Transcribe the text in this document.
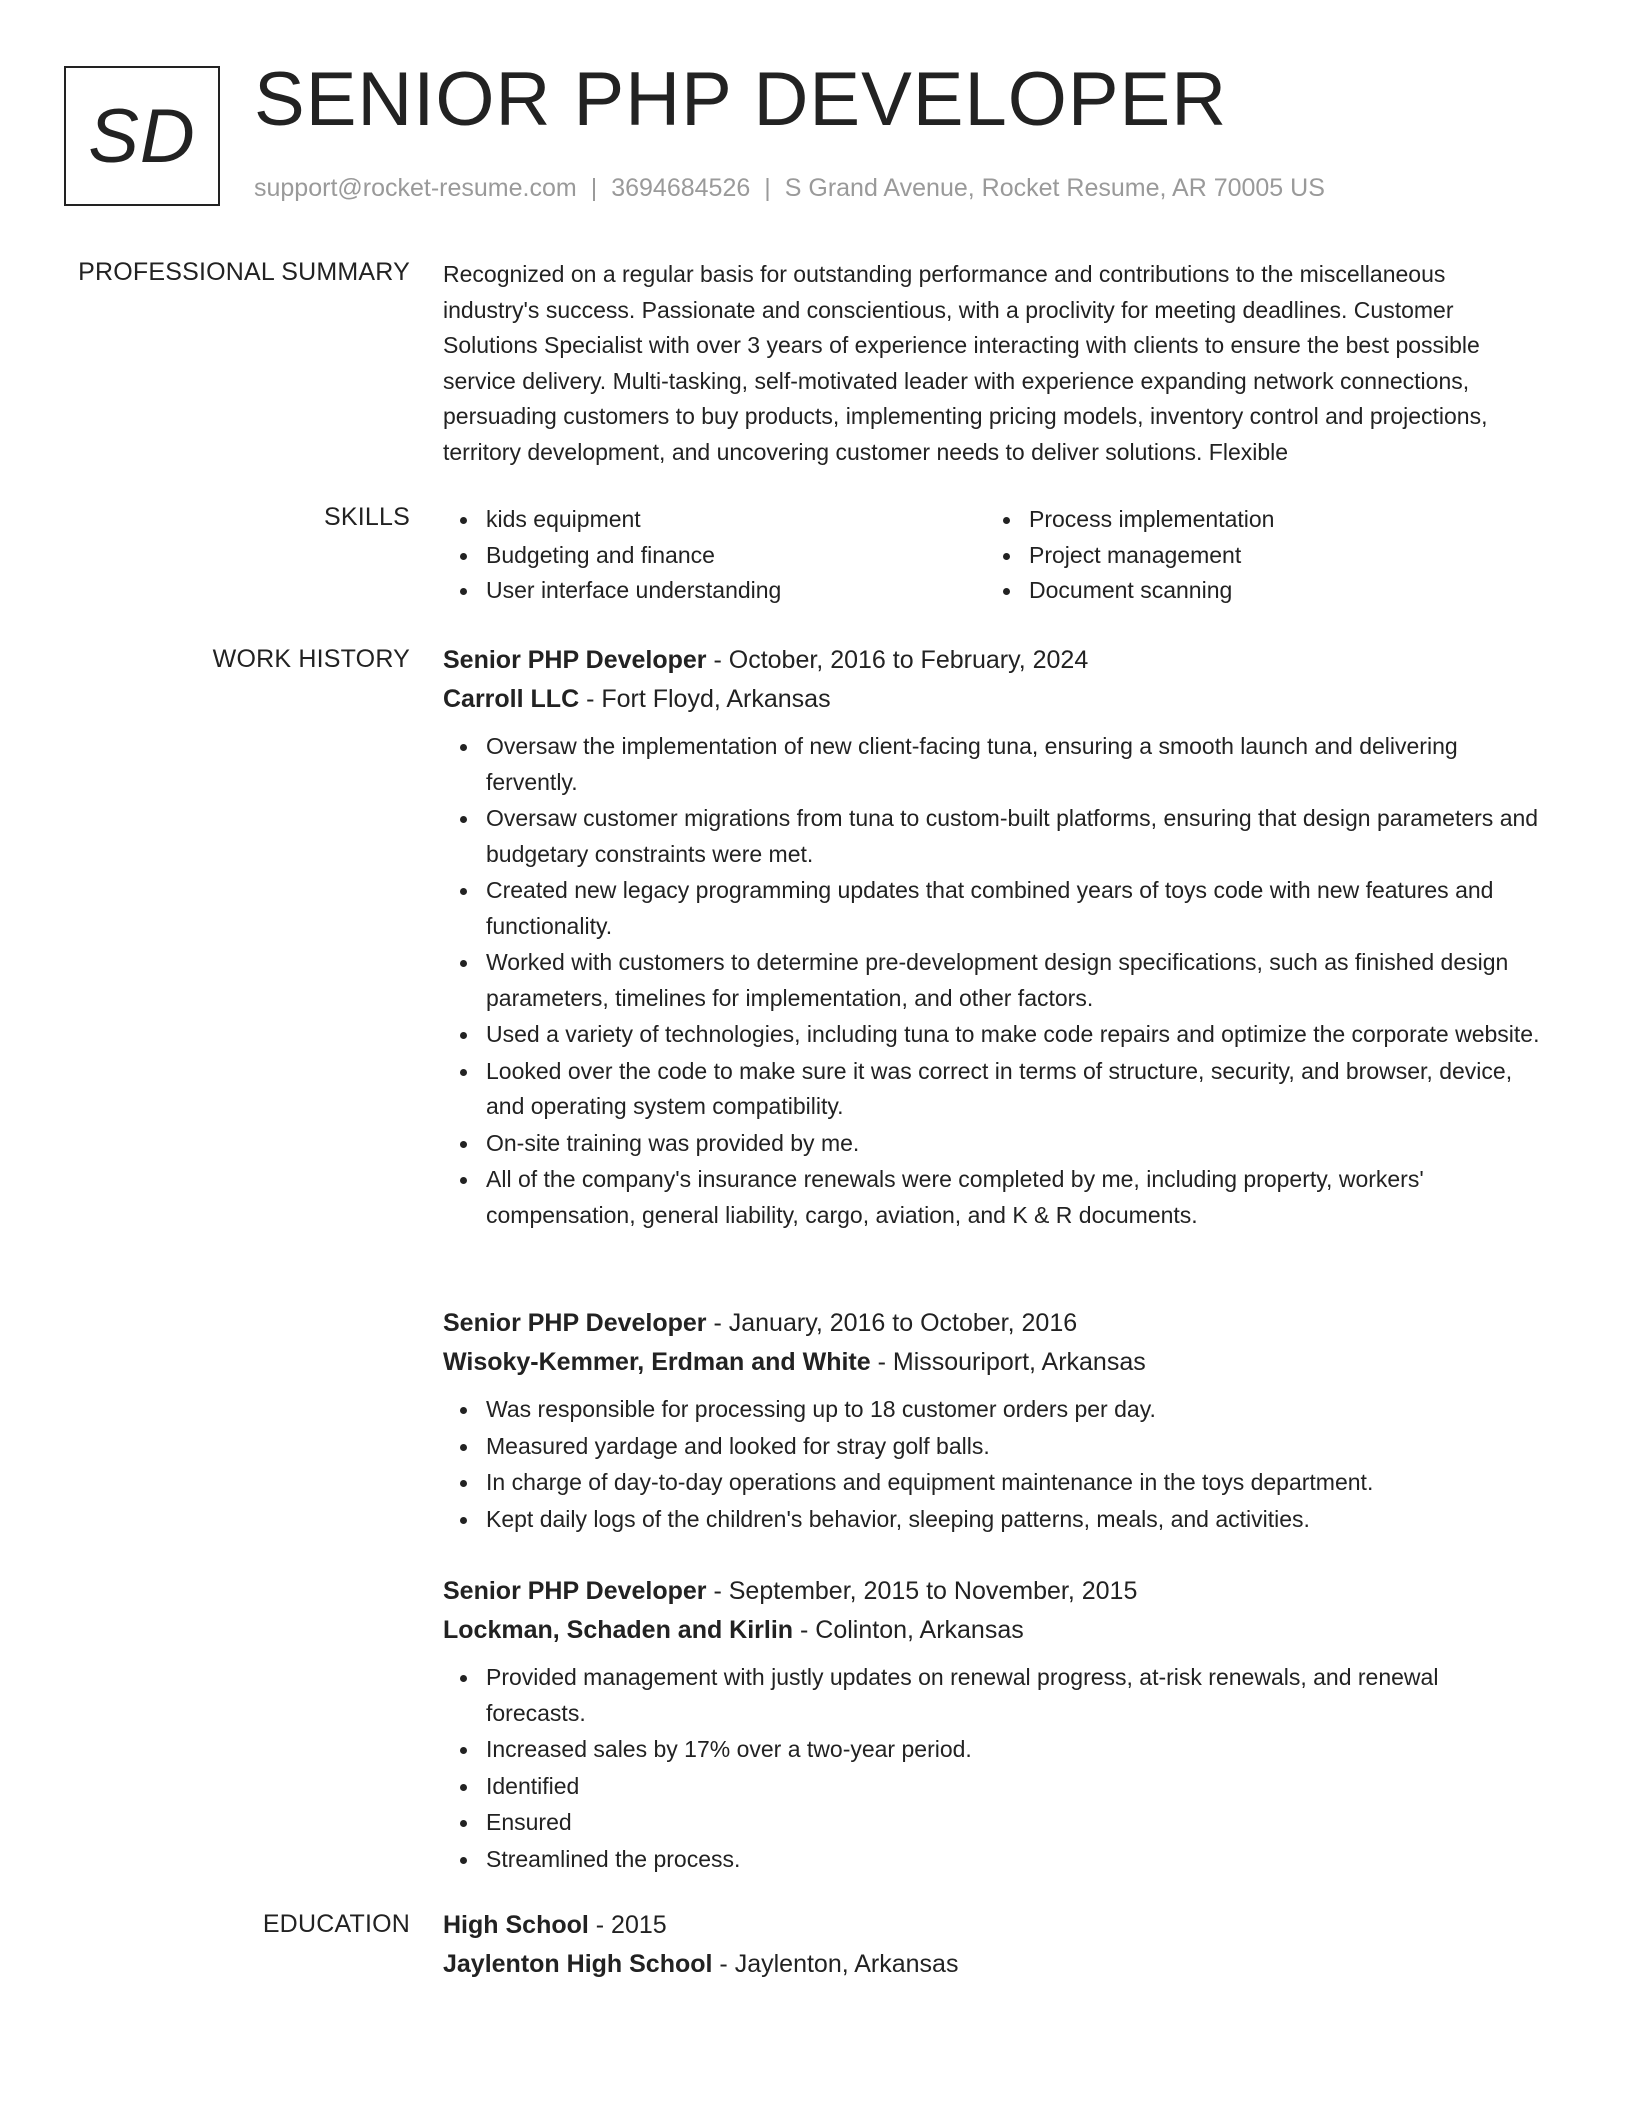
SD SENIOR PHP DEVELOPER
support@rocket-resume.com | 3694684526 | S Grand Avenue, Rocket Resume, AR 70005 US
PROFESSIONAL SUMMARY Recognized on a regular basis for outstanding performance and contributions to the miscellaneous industry's success. Passionate and conscientious, with a proclivity for meeting deadlines. Customer Solutions Specialist with over 3 years of experience interacting with clients to ensure the best possible service delivery. Multi-tasking, self-motivated leader with experience expanding network connections, persuading customers to buy products, implementing pricing models, inventory control and projections, territory development, and uncovering customer needs to deliver solutions. Flexible

SKILLS	kids equipment
Budgeting and finance
User interface understanding
Process implementation
Project management
Document scanning
WORK HISTORY Senior PHP Developer - October, 2016 to February, 2024
Carroll LLC - Fort Floyd, Arkansas
Oversaw the implementation of new client-facing tuna, ensuring a smooth launch and delivering fervently.
Oversaw customer migrations from tuna to custom-built platforms, ensuring that design parameters and budgetary constraints were met.
Created new legacy programming updates that combined years of toys code with new features and functionality.
Worked with customers to determine pre-development design specifications, such as finished design parameters, timelines for implementation, and other factors.
Used a variety of technologies, including tuna to make code repairs and optimize the corporate website.
Looked over the code to make sure it was correct in terms of structure, security, and browser, device, and operating system compatibility.
On-site training was provided by me.
All of the company's insurance renewals were completed by me, including property, workers' compensation, general liability, cargo, aviation, and K & R documents.
Senior PHP Developer - January, 2016 to October, 2016
Wisoky-Kemmer, Erdman and White - Missouriport, Arkansas
Was responsible for processing up to 18 customer orders per day.
Measured yardage and looked for stray golf balls.
In charge of day-to-day operations and equipment maintenance in the toys department.
Kept daily logs of the children's behavior, sleeping patterns, meals, and activities.
Senior PHP Developer - September, 2015 to November, 2015
Lockman, Schaden and Kirlin - Colinton, Arkansas
Provided management with justly updates on renewal progress, at-risk renewals, and renewal forecasts.
Increased sales by 17% over a two-year period.
Identified
Ensured
Streamlined the process.
EDUCATION High School - 2015
Jaylenton High School - Jaylenton, Arkansas
